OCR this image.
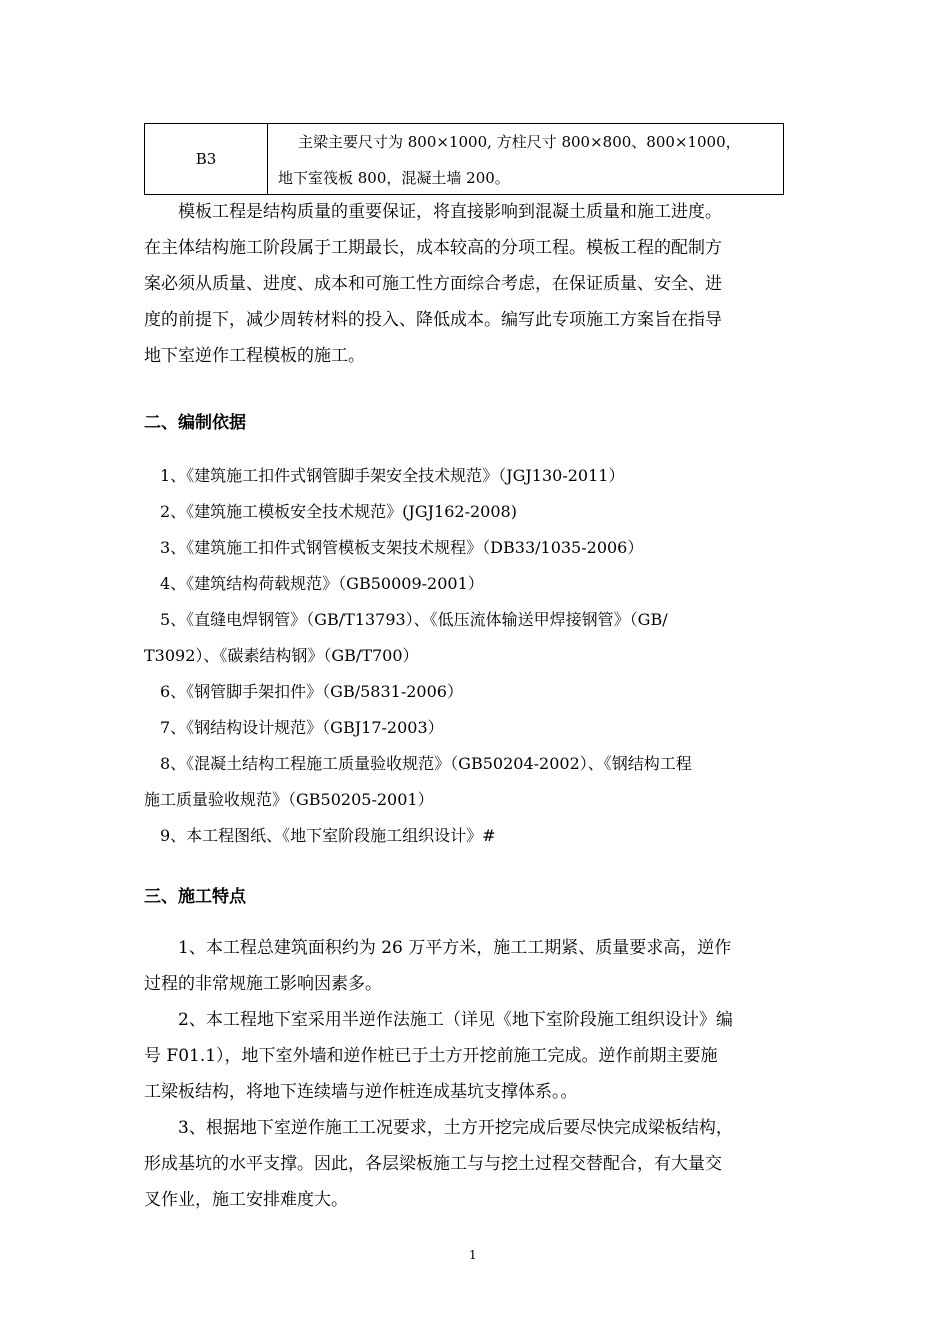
B3
主梁主要尺寸为 800×1000, 方柱尺寸 800×800、800×1000，
地下室筏板 800，混凝土墙 200。
　　模板工程是结构质量的重要保证，将直接影响到混凝土质量和施工进度。
在主体结构施工阶段属于工期最长，成本较高的分项工程。模板工程的配制方
案必须从质量、进度、成本和可施工性方面综合考虑，在保证质量、安全、进
度的前提下，减少周转材料的投入、降低成本。编写此专项施工方案旨在指导
地下室逆作工程模板的施工。
二、编制依据
　1、《建筑施工扣件式钢管脚手架安全技术规范》（JGJ130-2011）
　2、《建筑施工模板安全技术规范》(JGJ162-2008)
　3、《建筑施工扣件式钢管模板支架技术规程》（DB33/1035-2006）
　4、《建筑结构荷载规范》（GB50009-2001）
　5、《直缝电焊钢管》（GB/T13793）、《低压流体输送甲焊接钢管》（GB/
T3092）、《碳素结构钢》（GB/T700）
　6、《钢管脚手架扣件》（GB/5831-2006）
　7、《钢结构设计规范》（GBJ17-2003）
　8、《混凝土结构工程施工质量验收规范》（GB50204-2002）、《钢结构工程
施工质量验收规范》（GB50205-2001）
　9、本工程图纸、《地下室阶段施工组织设计》#
三、施工特点
　　1、本工程总建筑面积约为 26 万平方米，施工工期紧、质量要求高，逆作
过程的非常规施工影响因素多。
　　2、本工程地下室采用半逆作法施工（详见《地下室阶段施工组织设计》编
号 F01.1），地下室外墙和逆作桩已于土方开挖前施工完成。逆作前期主要施
工梁板结构，将地下连续墙与逆作桩连成基坑支撑体系。。
　　3、根据地下室逆作施工工况要求，土方开挖完成后要尽快完成梁板结构，
形成基坑的水平支撑。因此，各层梁板施工与与挖土过程交替配合，有大量交
叉作业，施工安排难度大。
1
